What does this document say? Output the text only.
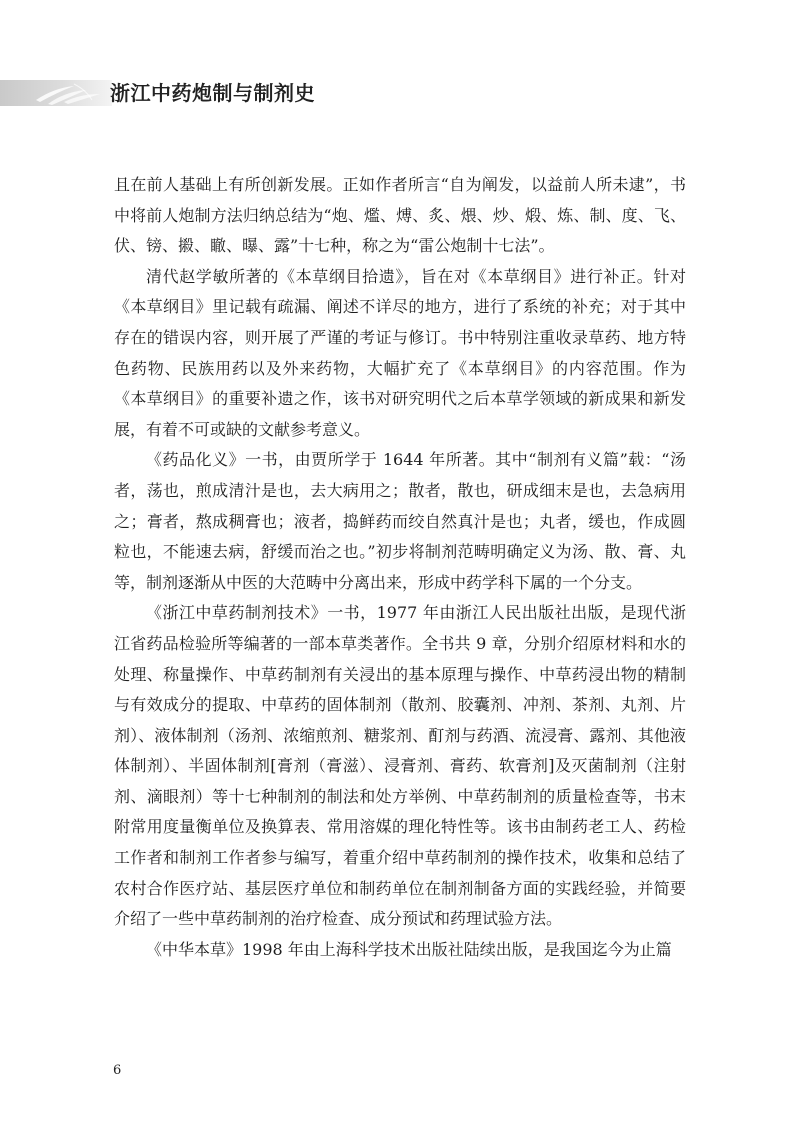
浙江中药炮制与制剂史

且在前人基础上有所创新发展。正如作者所言“自为阐发，以益前人所未逮”，书中将前人炮制方法归纳总结为“炮、爁、煿、炙、煨、炒、煅、炼、制、度、飞、伏、镑、摋、瞮、曝、露”十七种，称之为“雷公炮制十七法”。

清代赵学敏所著的《本草纲目拾遗》，旨在对《本草纲目》进行补正。针对《本草纲目》里记载有疏漏、阐述不详尽的地方，进行了系统的补充；对于其中存在的错误内容，则开展了严谨的考证与修订。书中特别注重收录草药、地方特色药物、民族用药以及外来药物，大幅扩充了《本草纲目》的内容范围。作为《本草纲目》的重要补遗之作，该书对研究明代之后本草学领域的新成果和新发展，有着不可或缺的文献参考意义。

《药品化义》一书，由贾所学于 1644 年所著。其中“制剂有义篇”载：“汤者，荡也，煎成清汁是也，去大病用之；散者，散也，研成细末是也，去急病用之；膏者，熬成稠膏也；液者，捣鲜药而绞自然真汁是也；丸者，缓也，作成圆粒也，不能速去病，舒缓而治之也。”初步将制剂范畴明确定义为汤、散、膏、丸等，制剂逐渐从中医的大范畴中分离出来，形成中药学科下属的一个分支。

《浙江中草药制剂技术》一书，1977 年由浙江人民出版社出版，是现代浙江省药品检验所等编著的一部本草类著作。全书共 9 章，分别介绍原材料和水的处理、称量操作、中草药制剂有关浸出的基本原理与操作、中草药浸出物的精制与有效成分的提取、中草药的固体制剂（散剂、胶囊剂、冲剂、茶剂、丸剂、片剂）、液体制剂（汤剂、浓缩煎剂、糖浆剂、酊剂与药酒、流浸膏、露剂、其他液体制剂）、半固体制剂[膏剂（膏滋）、浸膏剂、膏药、软膏剂]及灭菌制剂（注射剂、滴眼剂）等十七种制剂的制法和处方举例、中草药制剂的质量检查等，书末附常用度量衡单位及换算表、常用溶媒的理化特性等。该书由制药老工人、药检工作者和制剂工作者参与编写，着重介绍中草药制剂的操作技术，收集和总结了农村合作医疗站、基层医疗单位和制药单位在制剂制备方面的实践经验，并简要介绍了一些中草药制剂的治疗检查、成分预试和药理试验方法。

《中华本草》1998 年由上海科学技术出版社陆续出版，是我国迄今为止篇

6
